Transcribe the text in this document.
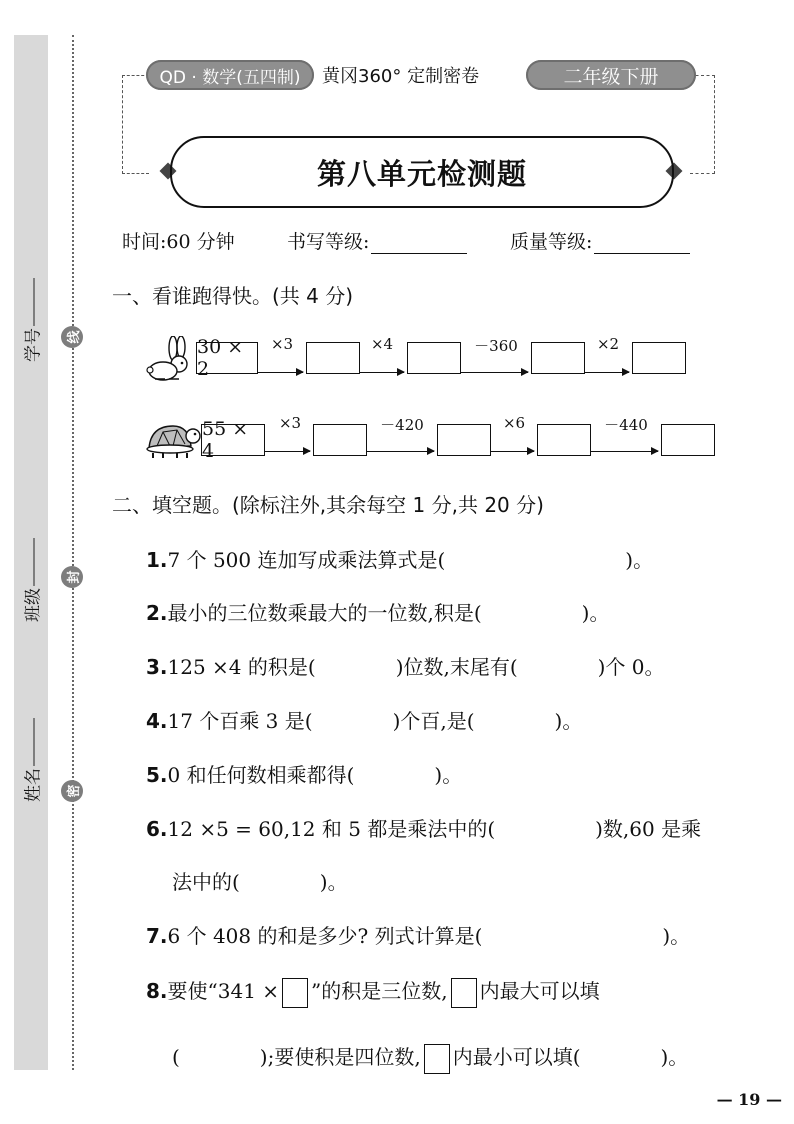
学号
班级
姓名
线
封
密
QD · 数学(五四制)	黄冈360° 定制密卷	二年级下册
第八单元检测题
时间:60 分钟	书写等级:	质量等级:
一、看谁跑得快。(共 4 分)
30 × 2
×3	×4	－360	×2
55 × 4
×3	－420	×6	－440
二、填空题。(除标注外,其余每空 1 分,共 20 分)
1.7 个 500 连加写成乘法算式是(　　　　　　　　　)。
2.最小的三位数乘最大的一位数,积是(　　　　　)。
3.125 ×4 的积是(　　　　)位数,末尾有(　　　　)个 0。
4.17 个百乘 3 是(　　　　)个百,是(　　　　)。
5.0 和任何数相乘都得(　　　　)。
6.12 ×5 = 60,12 和 5 都是乘法中的(　　　　　)数,60 是乘
法中的(　　　　)。
7.6 个 408 的和是多少? 列式计算是(　　　　　　　　　)。
8.要使“341 × ”的积是三位数, 内最大可以填
(　　　　);要使积是四位数, 内最小可以填(　　　　)。
— 19 —
